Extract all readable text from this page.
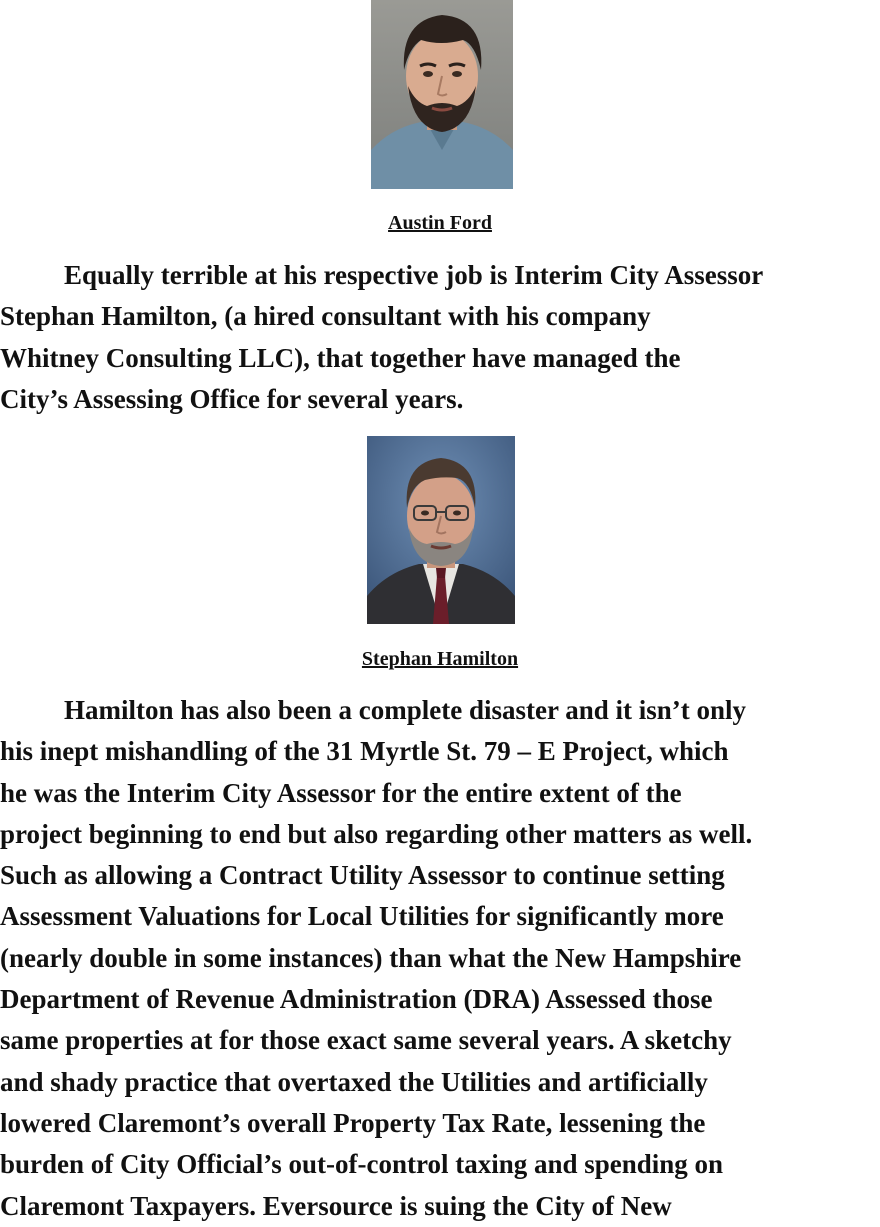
Austin Ford

Equally terrible at his respective job is Interim City Assessor
Stephan Hamilton, (a hired consultant with his company
Whitney Consulting LLC), that together have managed the
City’s Assessing Office for several years.

Stephan Hamilton

Hamilton has also been a complete disaster and it isn’t only
his inept mishandling of the 31 Myrtle St. 79 – E Project, which
he was the Interim City Assessor for the entire extent of the
project beginning to end but also regarding other matters as well.
Such as allowing a Contract Utility Assessor to continue setting
Assessment Valuations for Local Utilities for significantly more
(nearly double in some instances) than what the New Hampshire
Department of Revenue Administration (DRA) Assessed those
same properties at for those exact same several years. A sketchy
and shady practice that overtaxed the Utilities and artificially
lowered Claremont’s overall Property Tax Rate, lessening the
burden of City Official’s out-of-control taxing and spending on
Claremont Taxpayers. Eversource is suing the City of New
